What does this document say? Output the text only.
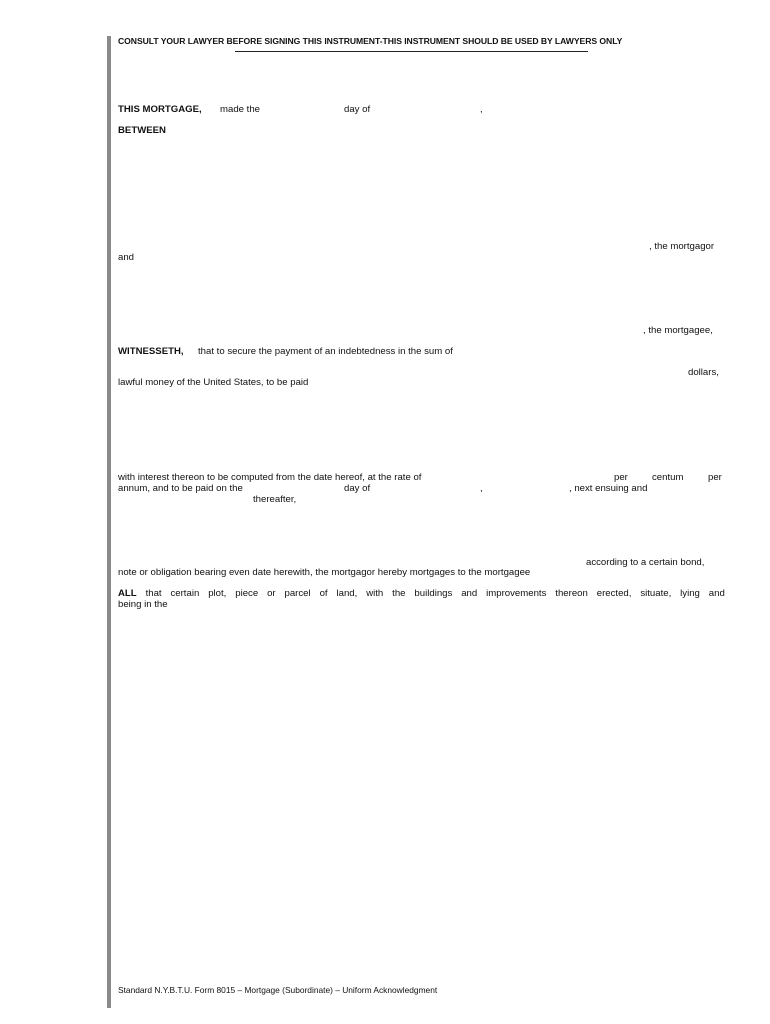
CONSULT YOUR LAWYER BEFORE SIGNING THIS INSTRUMENT-THIS INSTRUMENT SHOULD BE USED BY LAWYERS ONLY
THIS MORTGAGE, made the	day of	,
BETWEEN
, the mortgagor
and
, the mortgagee,
WITNESSETH, that to secure the payment of an indebtedness in the sum of
dollars,
lawful money of the United States, to be paid
with interest thereon to be computed from the date hereof, at the rate of	per	centum	per
annum, and to be paid on the	day of	,	, next ensuing and
thereafter,
according to a certain bond,
note or obligation bearing even date herewith, the mortgagor hereby mortgages to the mortgagee
ALL that certain plot, piece or parcel of land, with the buildings and improvements thereon erected, situate, lying and
being in the
Standard N.Y.B.T.U. Form 8015 – Mortgage (Subordinate) – Uniform Acknowledgment
